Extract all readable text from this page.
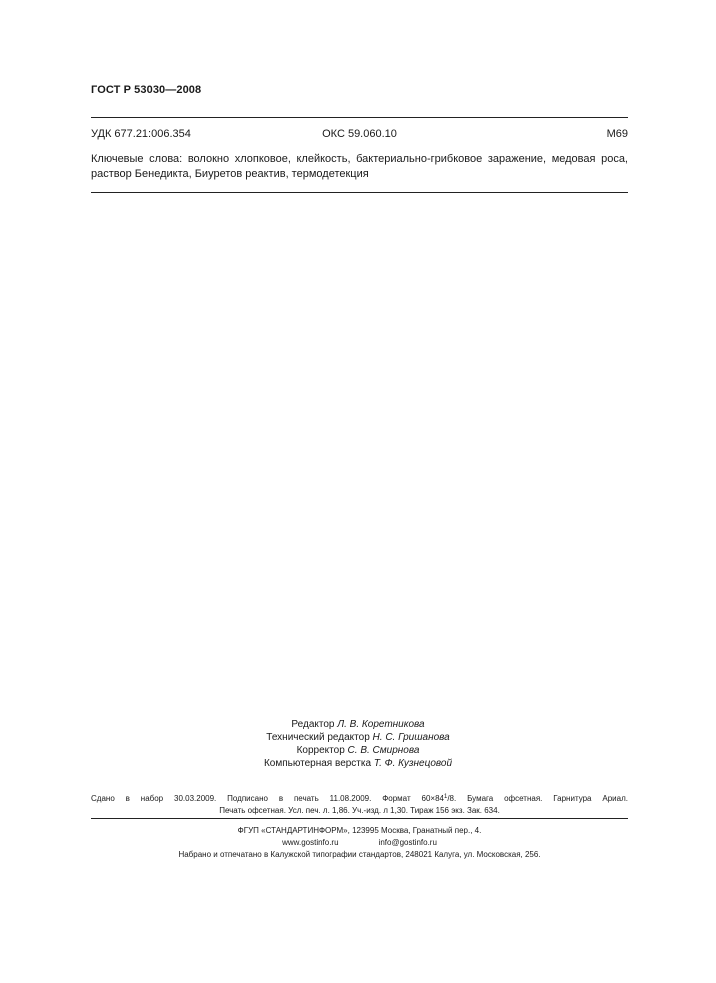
ГОСТ Р 53030—2008
УДК 677.21:006.354	ОКС 59.060.10	М69
Ключевые слова: волокно хлопковое, клейкость, бактериально-грибковое заражение, медовая роса,
раствор Бенедикта, Биуретов реактив, термодетекция
Редактор Л. В. Коретникова
Технический редактор Н. С. Гришанова
Корректор С. В. Смирнова
Компьютерная верстка Т. Ф. Кузнецовой
Сдано в набор 30.03.2009. Подписано в печать 11.08.2009. Формат $60\times 84^1/8$. Бумага офсетная. Гарнитура Ариал.
Печать офсетная. Усл. печ. л. 1,86. Уч.-изд. л 1,30. Тираж 156 экз. Зак. 634.
ФГУП «СТАНДАРТИНФОРМ», 123995 Москва, Гранатный пер., 4.
www.gostinfo.ru	info@gostinfo.ru
Набрано и отпечатано в Калужской типографии стандартов, 248021 Калуга, ул. Московская, 256.
